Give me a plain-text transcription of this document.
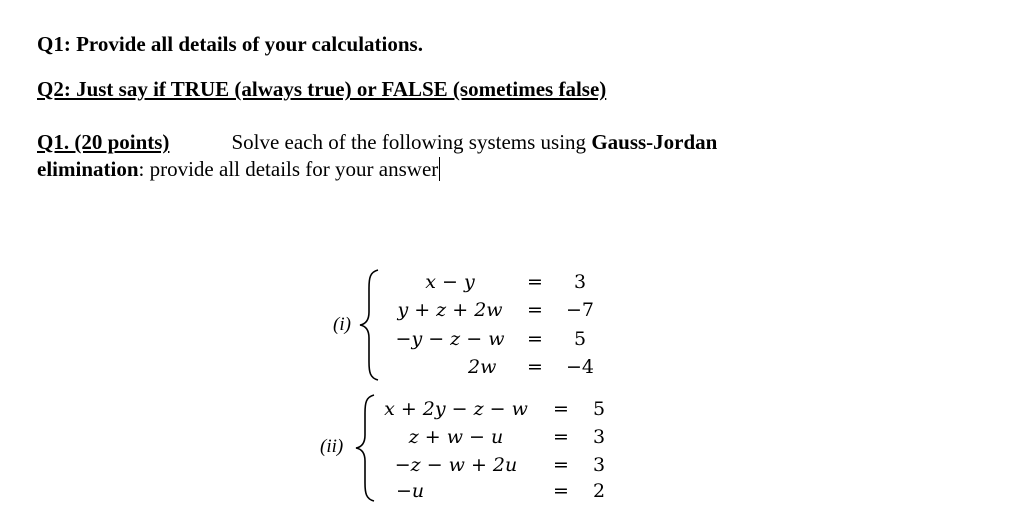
Q1: Provide all details of your calculations.
Q2: Just say if TRUE (always true) or FALSE (sometimes false)
Q1. (20 points)	Solve each of the following systems using Gauss-Jordan
elimination: provide all details for your answer
(i)
x − y	=	3
y + z + 2w	=	−7
−y − z − w	=	5
2w	=	−4
(ii)
x + 2y − z − w	=	5
z + w − u	=	3
−z − w + 2u	=	3
−u	=	2
